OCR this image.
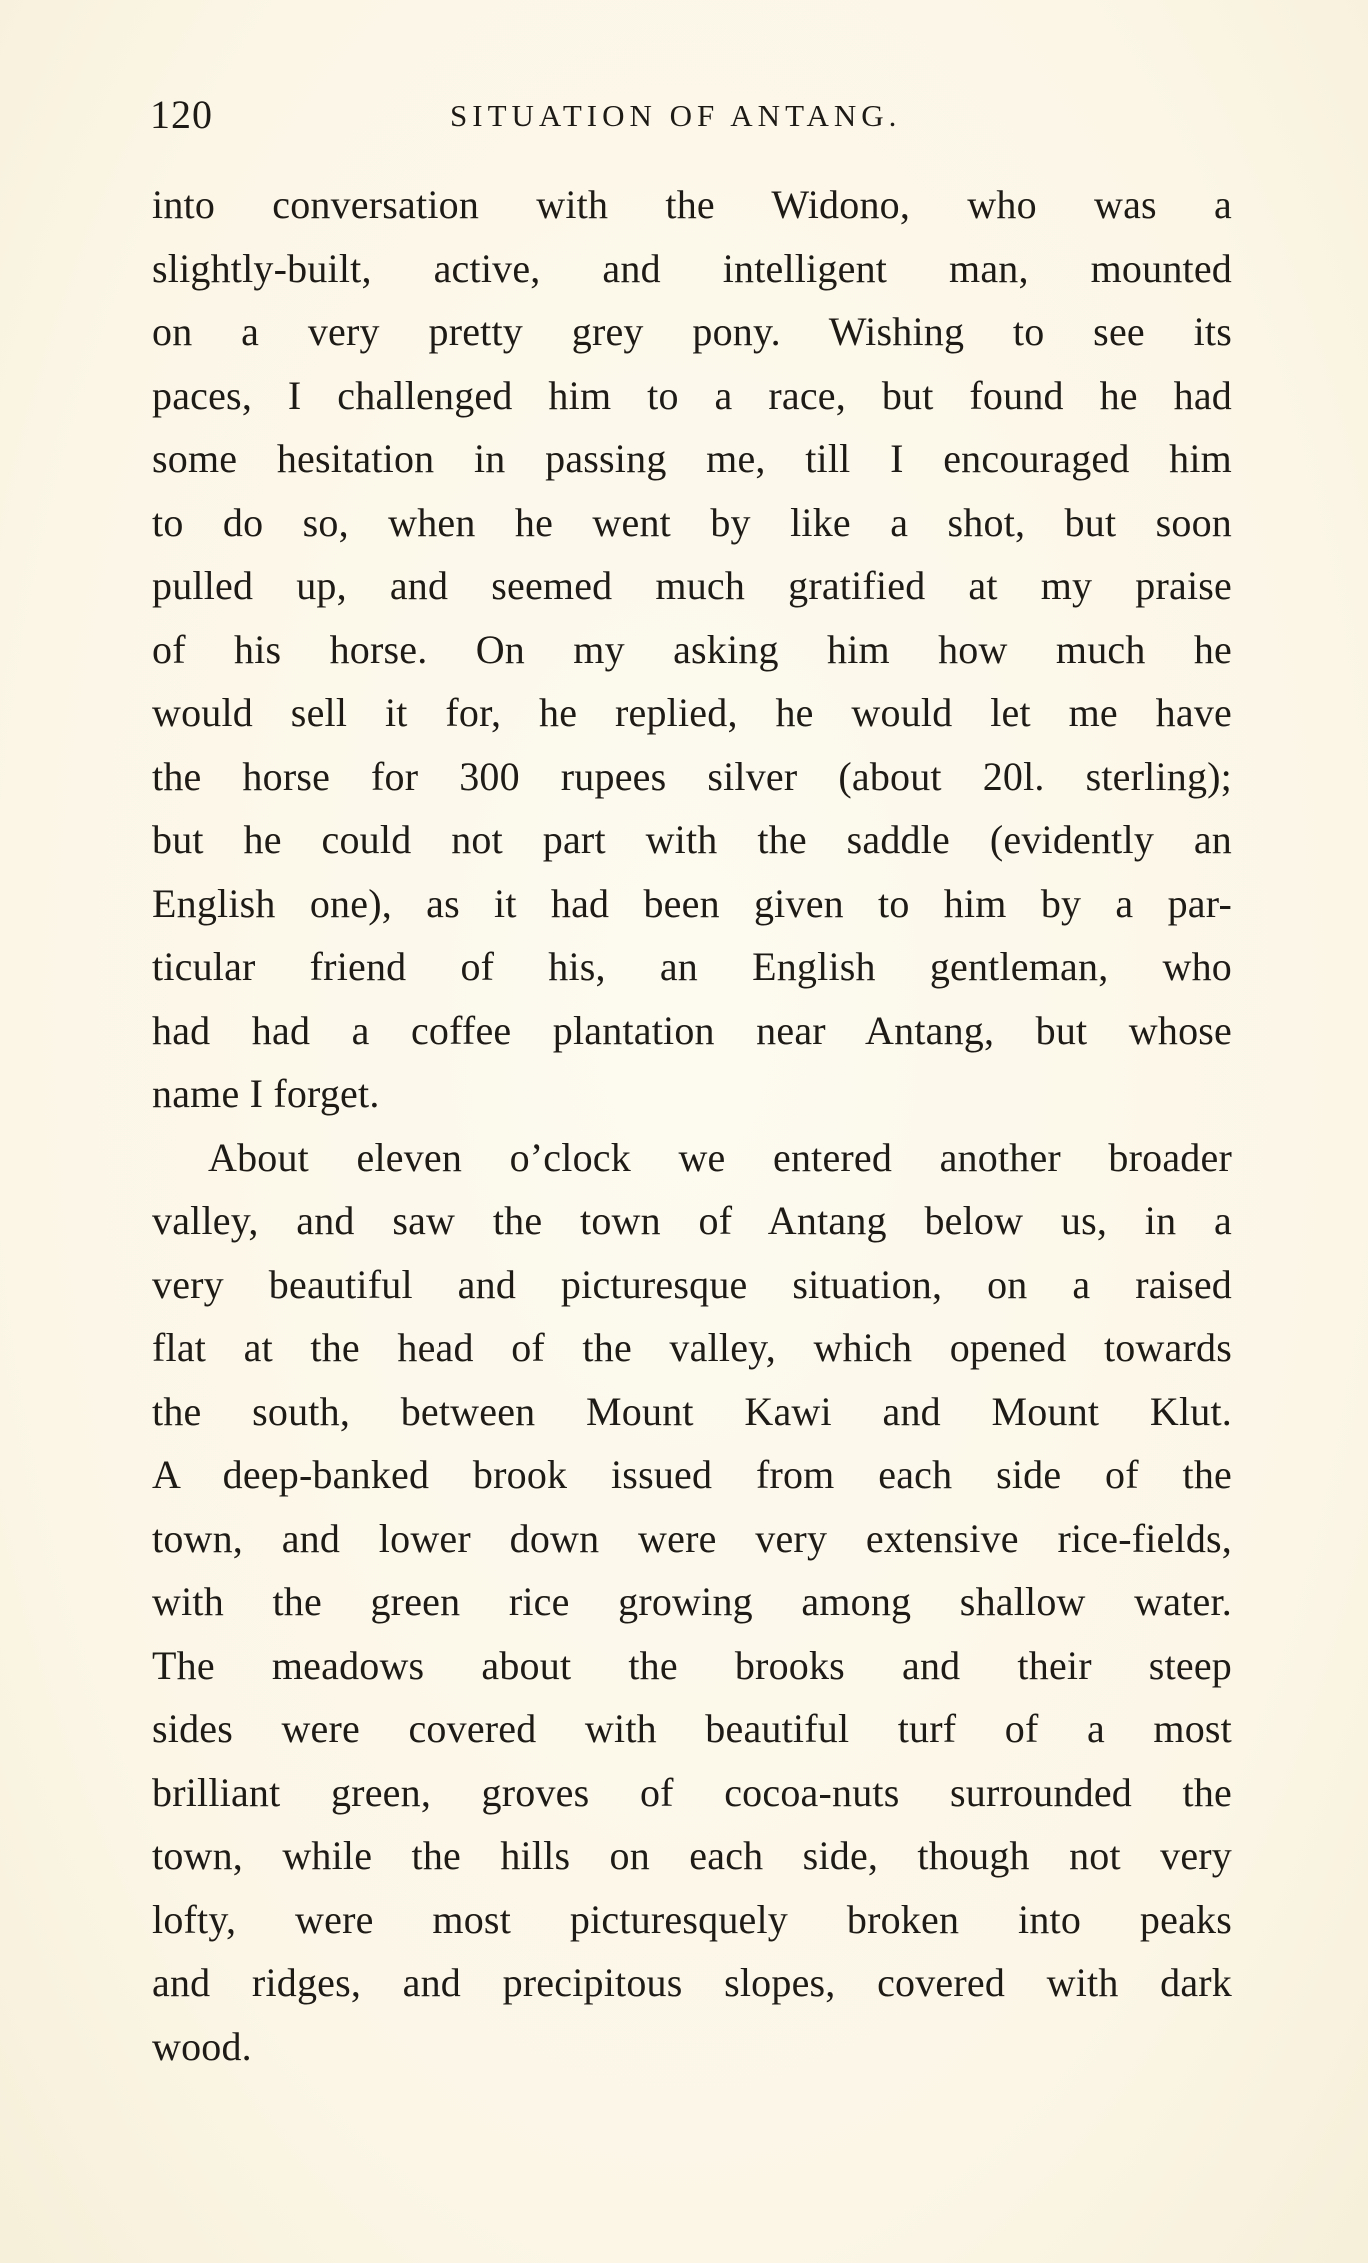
120	SITUATION OF ANTANG.
into conversation with the Widono, who was a
slightly-built, active, and intelligent man, mounted
on a very pretty grey pony. Wishing to see its
paces, I challenged him to a race, but found he had
some hesitation in passing me, till I encouraged him
to do so, when he went by like a shot, but soon
pulled up, and seemed much gratified at my praise
of his horse. On my asking him how much he
would sell it for, he replied, he would let me have
the horse for 300 rupees silver (about 20l. sterling);
but he could not part with the saddle (evidently an
English one), as it had been given to him by a par-
ticular friend of his, an English gentleman, who
had had a coffee plantation near Antang, but whose
name I forget.
About eleven o’clock we entered another broader
valley, and saw the town of Antang below us, in a
very beautiful and picturesque situation, on a raised
flat at the head of the valley, which opened towards
the south, between Mount Kawi and Mount Klut.
A deep-banked brook issued from each side of the
town, and lower down were very extensive rice-fields,
with the green rice growing among shallow water.
The meadows about the brooks and their steep
sides were covered with beautiful turf of a most
brilliant green, groves of cocoa-nuts surrounded the
town, while the hills on each side, though not very
lofty, were most picturesquely broken into peaks
and ridges, and precipitous slopes, covered with dark
wood.
